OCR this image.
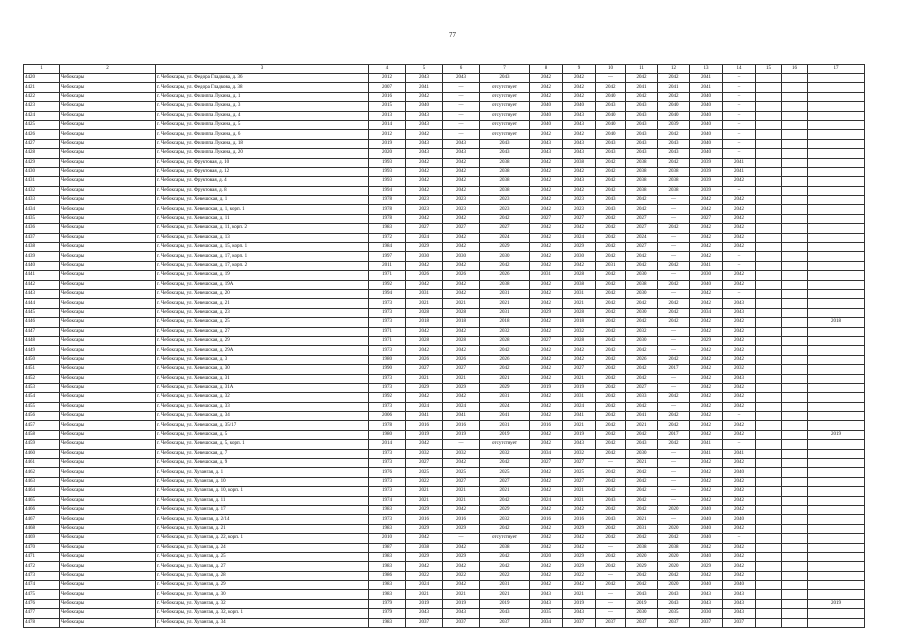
77
1	2	3	4	5	6	7	8	9	10	11	12	13	14	15	16	17
4420	Чебоксары	г. Чебоксары, ул. Федора Гладкова, д. 36	2012	2043	2043	2043	2042	2042	—	2042	2042	2041	–			
4421	Чебоксары	г. Чебоксары, ул. Федора Гладкова, д. 38	2007	2041	—	отсутствует	2042	2042	2042	2041	2041	2041	–			
4422	Чебоксары	г. Чебоксары, ул. Филиппа Лукина, д. 1	2016	2042	—	отсутствует	2042	2042	2040	2042	2042	2040	–			
4423	Чебоксары	г. Чебоксары, ул. Филиппа Лукина, д. 3	2015	2040	—	отсутствует	2040	2040	2043	2043	2040	2040	–			
4424	Чебоксары	г. Чебоксары, ул. Филиппа Лукина, д. 4	2013	2043	—	отсутствует	2040	2043	2040	2043	2040	2040	–			
4425	Чебоксары	г. Чебоксары, ул. Филиппа Лукина, д. 5	2014	2043	—	отсутствует	2040	2043	2040	2043	2039	2040	–			
4426	Чебоксары	г. Чебоксары, ул. Филиппа Лукина, д. 6	2012	2042	—	отсутствует	2042	2042	2040	2043	2042	2040	–			
4427	Чебоксары	г. Чебоксары, ул. Филиппа Лукина, д. 18	2019	2043	2043	2043	2043	2043	2043	2043	2043	2040	–			
4428	Чебоксары	г. Чебоксары, ул. Филиппа Лукина, д. 20	2020	2043	2043	2043	2043	2043	2043	2043	2043	2040	–			
4429	Чебоксары	г. Чебоксары, ул. Фруктовая, д. 10	1993	2042	2042	2038	2042	2038	2042	2038	2042	2039	2041			
4430	Чебоксары	г. Чебоксары, ул. Фруктовая, д. 12	1993	2042	2042	2038	2042	2042	2042	2038	2038	2039	2041			
4431	Чебоксары	г. Чебоксары, ул. Фруктовая, д. 4	1993	2042	2042	2038	2042	2043	2042	2038	2038	2039	2042			
4432	Чебоксары	г. Чебоксары, ул. Фруктовая, д. 8	1994	2042	2042	2038	2042	2042	2042	2038	2038	2039	–			
4433	Чебоксары	г. Чебоксары, ул. Хевешская, д. 1	1978	2023	2023	2023	2042	2023	2043	2042	—	2042	2042			
4434	Чебоксары	г. Чебоксары, ул. Хевешская, д. 1, корп. 1	1978	2023	2023	2023	2042	2023	2043	2042	—	2042	2042			
4435	Чебоксары	г. Чебоксары, ул. Хевешская, д. 11	1978	2042	2042	2042	2027	2027	2042	2027	—	2027	2042			
4436	Чебоксары	г. Чебоксары, ул. Хевешская, д. 11, корп. 2	1983	2027	2027	2027	2042	2042	2042	2027	2042	2042	2042			
4437	Чебоксары	г. Чебоксары, ул. Хевешская, д. 13	1972	2024	2042	2024	2042	2024	2042	2024	—	2042	2042			
4438	Чебоксары	г. Чебоксары, ул. Хевешская, д. 15, корп. 1	1984	2029	2042	2029	2042	2029	2042	2027	—	2042	2042			
4439	Чебоксары	г. Чебоксары, ул. Хевешская, д. 17, корп. 1	1997	2030	2030	2030	2042	2030	2042	2042	—	2042	–			
4440	Чебоксары	г. Чебоксары, ул. Хевешская, д. 17, корп. 2	2011	2042	2042	2042	2042	2042	2031	2042	2042	2041	–			
4441	Чебоксары	г. Чебоксары, ул. Хевешская, д. 19	1971	2026	2026	2026	2031	2028	2042	2030	—	2030	2042			
4442	Чебоксары	г. Чебоксары, ул. Хевешская, д. 19А	1992	2042	2042	2038	2042	2038	2042	2038	2042	2040	2042			
4443	Чебоксары	г. Чебоксары, ул. Хевешская, д. 20	1994	2031	2042	2031	2042	2031	2042	2030	—	2042	–			
4444	Чебоксары	г. Чебоксары, ул. Хевешская, д. 21	1973	2021	2021	2021	2042	2021	2042	2042	2042	2042	2043			
4445	Чебоксары	г. Чебоксары, ул. Хевешская, д. 23	1973	2028	2028	2031	2029	2028	2042	2030	2042	2034	2043			
4446	Чебоксары	г. Чебоксары, ул. Хевешская, д. 25	1973	2018	2018	2018	2042	2018	2042	2042	2042	2042	2042			2018
4447	Чебоксары	г. Чебоксары, ул. Хевешская, д. 27	1971	2042	2042	2032	2042	2032	2042	2032	—	2042	2042			
4448	Чебоксары	г. Чебоксары, ул. Хевешская, д. 29	1971	2028	2028	2028	2027	2028	2042	2030	—	2029	2042			
4449	Чебоксары	г. Чебоксары, ул. Хевешская, д. 29А	1973	2042	2042	2042	2042	2042	2042	2042	—	2042	2042			
4450	Чебоксары	г. Чебоксары, ул. Хевешская, д. 3	1980	2026	2026	2026	2042	2042	2042	2026	2042	2042	2042			
4451	Чебоксары	г. Чебоксары, ул. Хевешская, д. 30	1990	2027	2027	2042	2042	2027	2042	2042	2017	2042	2032			
4452	Чебоксары	г. Чебоксары, ул. Хевешская, д. 31	1973	2021	2021	2021	2042	2021	2042	2042	—	2042	2043			
4453	Чебоксары	г. Чебоксары, ул. Хевешская, д. 31А	1973	2029	2029	2029	2019	2019	2042	2027	—	2042	2042			
4454	Чебоксары	г. Чебоксары, ул. Хевешская, д. 32	1992	2042	2042	2031	2042	2031	2042	2033	2042	2042	2042			
4455	Чебоксары	г. Чебоксары, ул. Хевешская, д. 33	1973	2024	2024	2024	2042	2024	2042	2042	—	2042	2042			
4456	Чебоксары	г. Чебоксары, ул. Хевешская, д. 34	2006	2041	2041	2041	2042	2041	2042	2041	2042	2042	–			
4457	Чебоксары	г. Чебоксары, ул. Хевешская, д. 35/17	1978	2016	2016	2031	2016	2021	2042	2021	2042	2042	2042			
4458	Чебоксары	г. Чебоксары, ул. Хевешская, д. 5	1980	2019	2019	2019	2042	2019	2042	2042	2017	2042	2042			2019
4459	Чебоксары	г. Чебоксары, ул. Хевешская, д. 5, корп. 1	2014	2042	—	отсутствует	2042	2043	2042	2043	2042	2041	–			
4460	Чебоксары	г. Чебоксары, ул. Хевешская, д. 7	1973	2032	2032	2032	2034	2032	2042	2030	—	2041	2041			
4461	Чебоксары	г. Чебоксары, ул. Хевешская, д. 9	1973	2027	2042	2042	2027	2027	—	2021	—	2042	2042			
4462	Чебоксары	г. Чебоксары, ул. Хузангая, д. 1	1976	2025	2025	2025	2042	2025	2042	2042	—	2042	2040			
4463	Чебоксары	г. Чебоксары, ул. Хузангая, д. 10	1973	2022	2027	2027	2042	2027	2042	2042	—	2042	2042			
4464	Чебоксары	г. Чебоксары, ул. Хузангая, д. 10, корп. 1	1973	2021	2021	2021	2042	2021	2042	2042	—	2042	2042			
4465	Чебоксары	г. Чебоксары, ул. Хузангая, д. 11	1974	2021	2021	2042	2024	2021	2043	2042	—	2042	2042			
4466	Чебоксары	г. Чебоксары, ул. Хузангая, д. 17	1983	2029	2042	2029	2042	2042	2042	2042	2020	2040	2042			
4467	Чебоксары	г. Чебоксары, ул. Хузангая, д. 2/14	1973	2016	2016	2032	2016	2016	2043	2021	—	2040	2040			
4468	Чебоксары	г. Чебоксары, ул. Хузангая, д. 21	1983	2029	2029	2042	2042	2029	2042	2031	2020	2040	2042			
4469	Чебоксары	г. Чебоксары, ул. Хузангая, д. 22, корп. 1	2010	2042	—	отсутствует	2042	2042	2042	2042	2042	2040	–			
4470	Чебоксары	г. Чебоксары, ул. Хузангая, д. 24	1987	2038	2042	2038	2042	2042	—	2038	2038	2042	2042			
4471	Чебоксары	г. Чебоксары, ул. Хузангая, д. 25	1983	2029	2029	2042	2020	2029	2042	2020	2020	2040	2042			
4472	Чебоксары	г. Чебоксары, ул. Хузангая, д. 27	1983	2042	2042	2042	2042	2029	2042	2029	2020	2029	2042			
4473	Чебоксары	г. Чебоксары, ул. Хузангая, д. 28	1986	2022	2022	2022	2042	2022	—	2042	2042	2042	2042			
4474	Чебоксары	г. Чебоксары, ул. Хузангая, д. 29	1983	2024	2042	2031	2042	2042	2042	2042	2020	2040	2040			
4475	Чебоксары	г. Чебоксары, ул. Хузангая, д. 30	1983	2021	2021	2021	2043	2021	—	2043	2043	2043	2043			
4476	Чебоксары	г. Чебоксары, ул. Хузангая, д. 32	1979	2019	2019	2019	2043	2019	—	2019	2043	2043	2043			2019
4477	Чебоксары	г. Чебоксары, ул. Хузангая, д. 32, корп. 1	1979	2043	2043	2043	2035	2043	—	2030	2035	2030	2043			
4478	Чебоксары	г. Чебоксары, ул. Хузангая, д. 34	1983	2037	2037	2037	2034	2037	2037	2037	2037	2037	2037			
